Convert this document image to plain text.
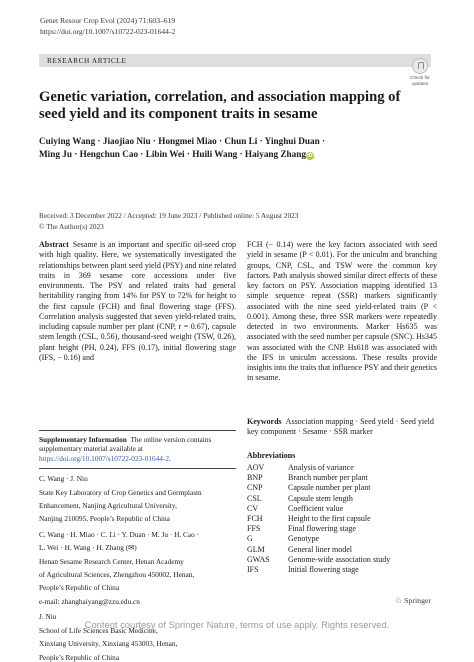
Genet Resour Crop Evol (2024) 71:603–619
https://doi.org/10.1007/s10722-023-01644-2
RESEARCH ARTICLE
Check for
updates
Genetic variation, correlation, and association mapping of seed yield and its component traits in sesame
Cuiying Wang · Jiaojiao Niu · Hongmei Miao · Chun Li · Yinghui Duan ·
Ming Ju · Hengchun Cao · Libin Wei · Huili Wang · Haiyang ZhangiD
Received: 3 December 2022 / Accepted: 19 June 2023 / Published online: 5 August 2023
© The Author(s) 2023

Abstract Sesame is an important and specific oil-seed crop with high quality. Here, we systematically investigated the relationships between plant seed yield (PSY) and nine related traits in 369 sesame core accessions under five environments. The PSY and related traits had general heritability ranging from 14% for PSY to 72% for height to the first capsule (FCH) and final flowering stage (FFS). Correlation analysis suggested that seven yield-related traits, including capsule number per plant (CNP, r = 0.67), capsule stem length (CSL, 0.56), thousand-seed weight (TSW, 0.26), plant height (PH, 0.24), FFS (0.17), initial flowering stage (IFS, − 0.16) and

Supplementary Information The online version contains supplementary material available at https://doi.org/10.1007/s10722-023-01644-2.

C. Wang · J. Niu

State Key Laboratory of Crop Genetics and Germplasm

Enhancement, Nanjing Agricultural University,

Nanjing 210095, People’s Republic of China

C. Wang · H. Miao · C. Li · Y. Duan · M. Ju · H. Cao ·

L. Wei · H. Wang · H. Zhang (✉)

Henan Sesame Research Center, Henan Academy

of Agricultural Sciences, Zhengzhou 450002, Henan,

People’s Republic of China

e-mail: zhanghaiyang@zzu.edu.cn

J. Niu

School of Life Sciences Basic Medicine,

Xinxiang University, Xinxiang 453003, Henan,

People’s Republic of China

FCH (− 0.14) were the key factors associated with seed yield in sesame (P < 0.01). For the uniculm and branching groups, CNP, CSL, and TSW were the common key factors. Path analysis showed similar direct effects of these key factors on PSY. Association mapping identified 13 simple sequence repeat (SSR) markers significantly associated with the nine seed yield-related traits (P < 0.001). Among these, three SSR markers were repeatedly detected in two environments. Marker Hs635 was associated with the seed number per capsule (SNC). Hs345 was associated with the CNP. Hs618 was associated with the IFS in uniculm accessions. These results provide insights into the traits that influence PSY and their genetics in sesame.

Keywords Association mapping · Seed yield · Seed yield key component · Sesame · SSR marker

Abbreviations
AOV	Analysis of variance
BNP	Branch number per plant
CNP	Capsule number per plant
CSL	Capsule stem length
CV	Coefficient value
FCH	Height to the first capsule
FFS	Final flowering stage
G	Genotype
GLM	General liner model
GWAS	Genome-wide association study
IFS	Initial flowering stage
♘ Springer
Content courtesy of Springer Nature, terms of use apply. Rights reserved.
